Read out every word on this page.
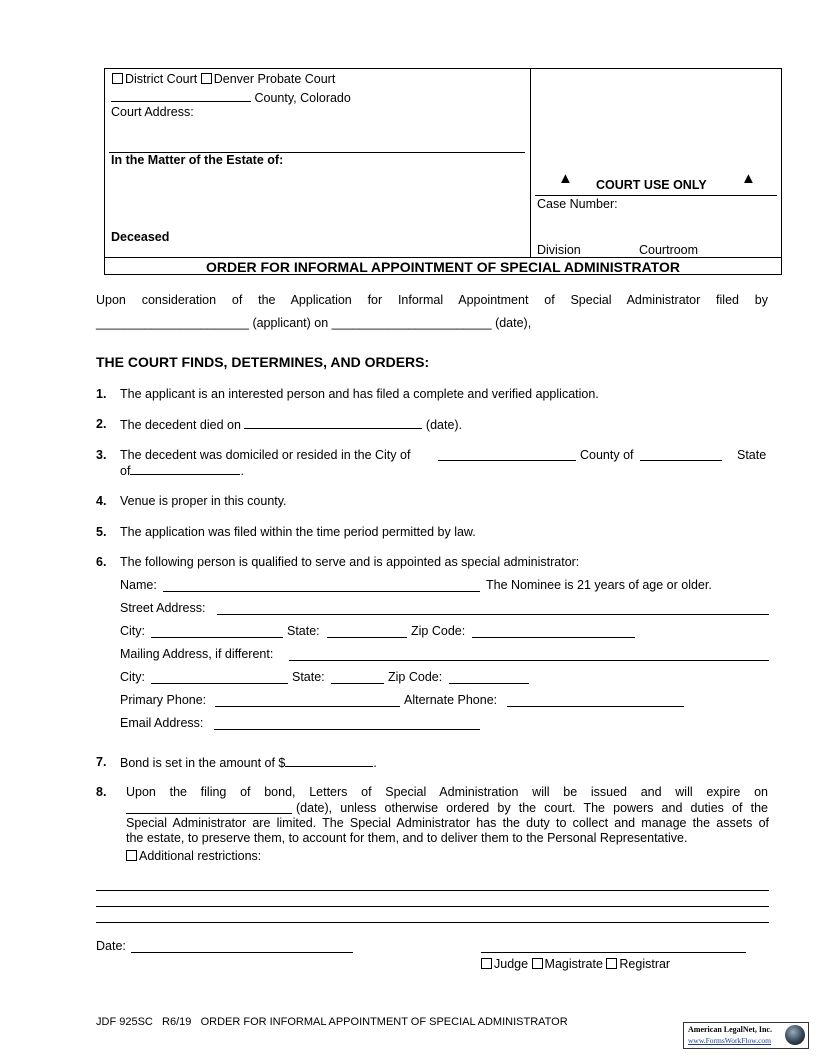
District Court Denver Probate Court
County, Colorado
Court Address:
In the Matter of the Estate of:
Deceased
▲ COURT USE ONLY ▲
Case Number:
Division	Courtroom
ORDER FOR INFORMAL APPOINTMENT OF SPECIAL ADMINISTRATOR
Upon consideration of the Application for Informal Appointment of Special Administrator filed by
______________________ (applicant) on _______________________ (date),
THE COURT FINDS, DETERMINES, AND ORDERS:
1. The applicant is an interested person and has filed a complete and verified application.
2. The decedent died on	(date).
3. The decedent was domiciled or resided in the City of	County of	State
of	.
4. Venue is proper in this county.
5. The application was filed within the time period permitted by law.
6. The following person is qualified to serve and is appointed as special administrator:
Name:	The Nominee is 21 years of age or older.
Street Address:
City:	State:	Zip Code:
Mailing Address, if different:
City:	State:	Zip Code:
Primary Phone:	Alternate Phone:
Email Address:
7. Bond is set in the amount of $	.
8. Upon the filing of bond, Letters of Special Administration will be issued and will expire on
(date), unless otherwise ordered by the court. The powers and duties of the
Special Administrator are limited. The Special Administrator has the duty to collect and manage the assets of
the estate, to preserve them, to account for them, and to deliver them to the Personal Representative.
Additional restrictions:
Date:
Judge Magistrate Registrar
JDF 925SC R6/19 ORDER FOR INFORMAL APPOINTMENT OF SPECIAL ADMINISTRATOR
American LegalNet, Inc.
www.FormsWorkFlow.com
